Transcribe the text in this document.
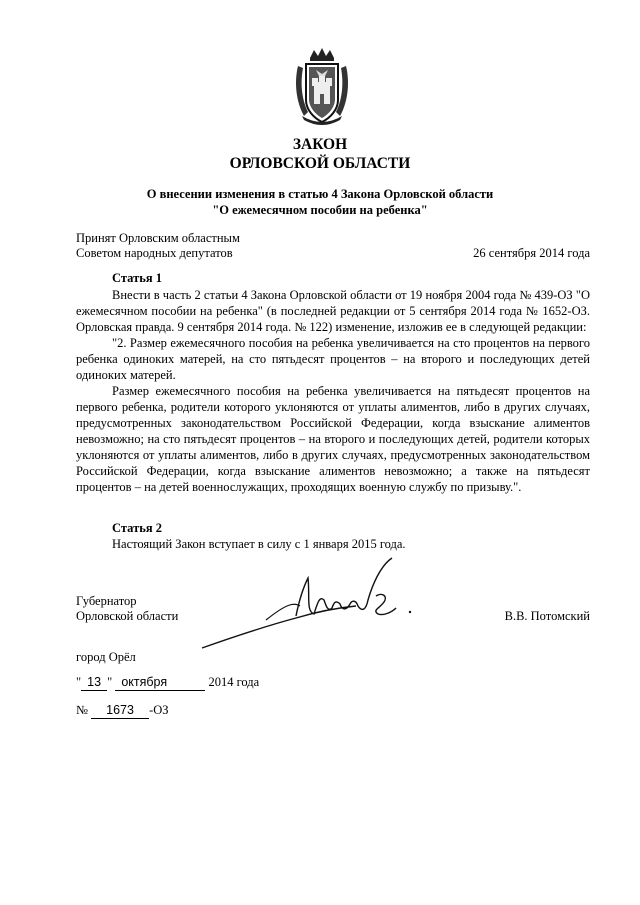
ЗАКОН
ОРЛОВСКОЙ ОБЛАСТИ
О внесении изменения в статью 4 Закона Орловской области
"О ежемесячном пособии на ребенка"
Принят Орловским областным
Советом народных депутатов	26 сентября 2014 года
Статья 1

Внести в часть 2 статьи 4 Закона Орловской области от 19 ноября 2004 года № 439-ОЗ "О ежемесячном пособии на ребенка" (в последней редакции от 5 сентября 2014 года № 1652-ОЗ. Орловская правда. 9 сентября 2014 года. № 122) изменение, изложив ее в следующей редакции:

"2. Размер ежемесячного пособия на ребенка увеличивается на сто процентов на первого ребенка одиноких матерей, на сто пятьдесят процентов – на второго и последующих детей одиноких матерей.

Размер ежемесячного пособия на ребенка увеличивается на пятьдесят процентов на первого ребенка, родители которого уклоняются от уплаты алиментов, либо в других случаях, предусмотренных законодательством Российской Федерации, когда взыскание алиментов невозможно; на сто пятьдесят процентов – на второго и последующих детей, родители которых уклоняются от уплаты алиментов, либо в других случаях, предусмотренных законодательством Российской Федерации, когда взыскание алиментов невозможно; а также на пятьдесят процентов – на детей военнослужащих, проходящих военную службу по призыву.".

Статья 2
Настоящий Закон вступает в силу с 1 января 2015 года.
Губернатор
Орловской области	В.В. Потомский
город Орёл
" 13 " октября	2014 года
№ 1673 -ОЗ
